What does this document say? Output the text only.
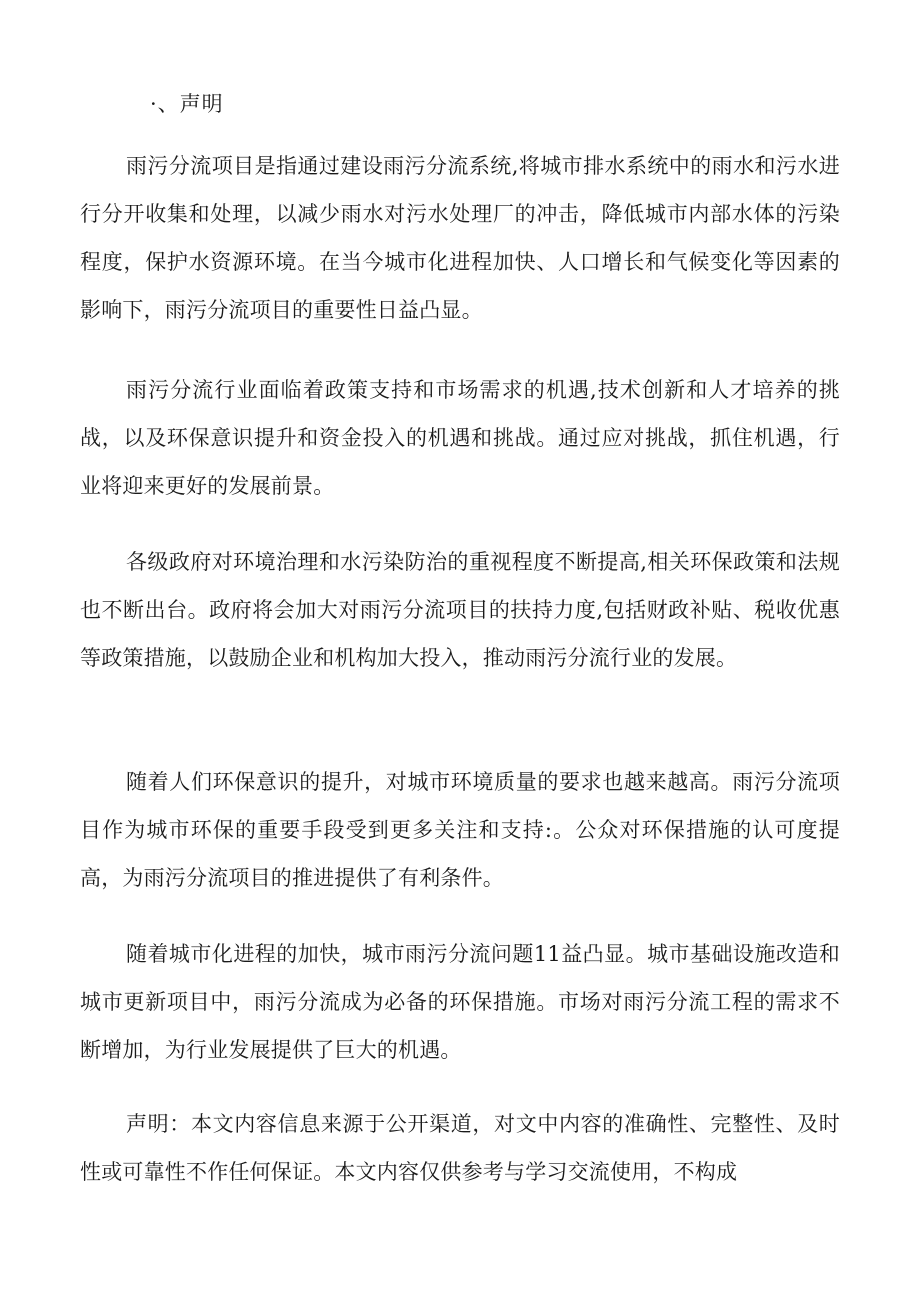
·、声明

雨污分流项目是指通过建设雨污分流系统,将城市排水系统中的雨水和污水进行分开收集和处理，以减少雨水对污水处理厂的冲击，降低城市内部水体的污染程度，保护水资源环境。在当今城市化进程加快、人口增长和气候变化等因素的影响下，雨污分流项目的重要性日益凸显。

雨污分流行业面临着政策支持和市场需求的机遇,技术创新和人才培养的挑战，以及环保意识提升和资金投入的机遇和挑战。通过应对挑战，抓住机遇，行业将迎来更好的发展前景。

各级政府对环境治理和水污染防治的重视程度不断提高,相关环保政策和法规也不断出台。政府将会加大对雨污分流项目的扶持力度,包括财政补贴、税收优惠等政策措施，以鼓励企业和机构加大投入，推动雨污分流行业的发展。

随着人们环保意识的提升，对城市环境质量的要求也越来越高。雨污分流项目作为城市环保的重要手段受到更多关注和支持:。公众对环保措施的认可度提高，为雨污分流项目的推进提供了有利条件。

随着城市化进程的加快，城市雨污分流问题11益凸显。城市基础设施改造和城市更新项目中，雨污分流成为必备的环保措施。市场对雨污分流工程的需求不断增加，为行业发展提供了巨大的机遇。

声明：本文内容信息来源于公开渠道，对文中内容的准确性、完整性、及时性或可靠性不作任何保证。本文内容仅供参考与学习交流使用，不构成
